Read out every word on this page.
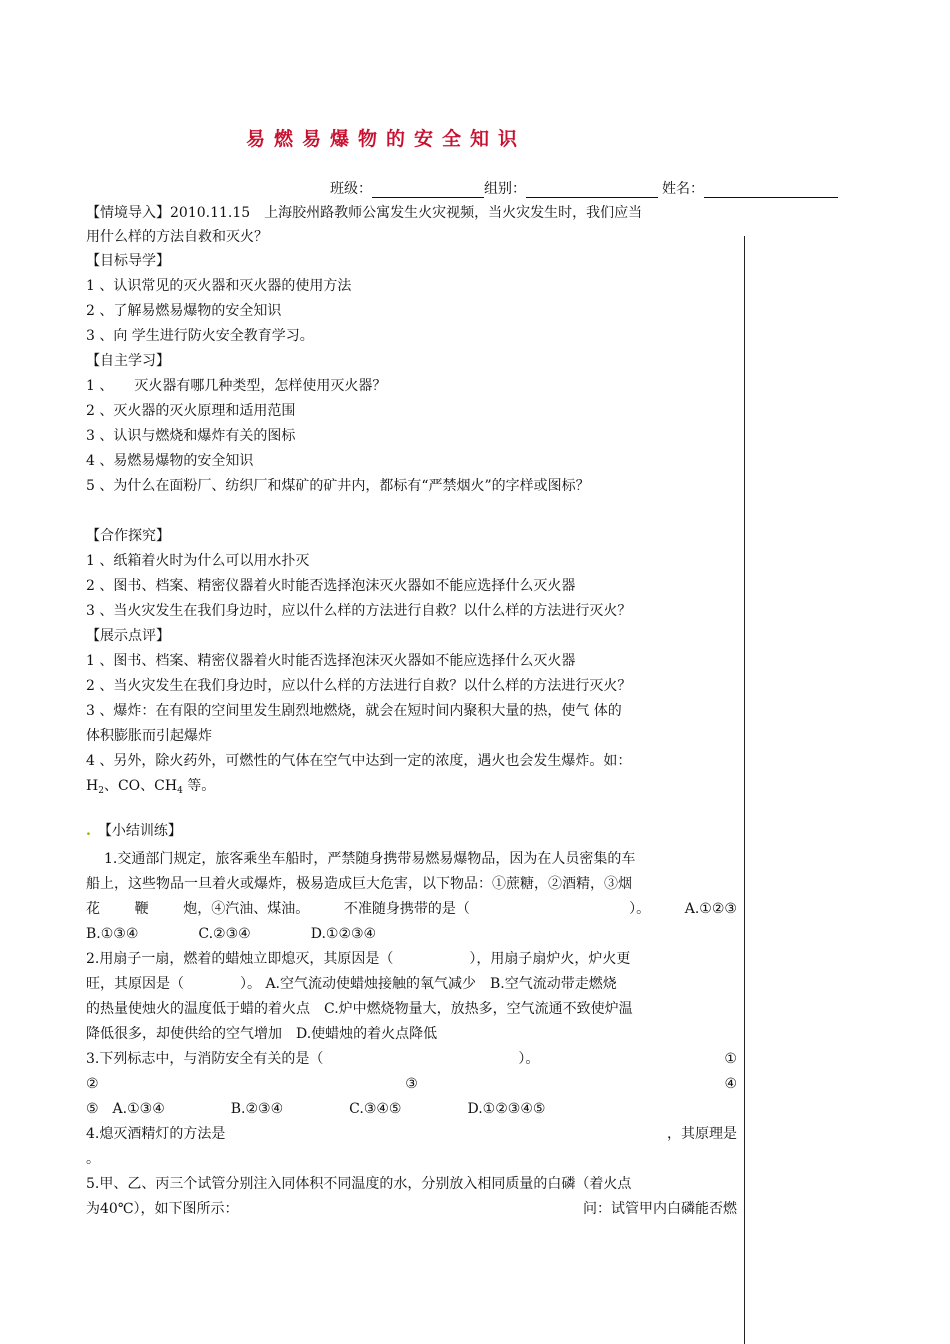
易燃易爆物的安全知识
班级：	组别：	姓名：
【情境导入】2010.11.15　上海胶州路教师公寓发生火灾视频，当火灾发生时，我们应当
用什么样的方法自救和灭火？
【目标导学】
1 、认识常见的灭火器和灭火器的使用方法
2 、了解易燃易爆物的安全知识
3 、向 学生进行防火安全教育学习。
【自主学习】
1 、　　灭火器有哪几种类型，怎样使用灭火器？
2 、灭火器的灭火原理和适用范围
3 、认识与燃烧和爆炸有关的图标
4 、易燃易爆物的安全知识
5 、为什么在面粉厂、纺织厂和煤矿的矿井内，都标有“严禁烟火”的字样或图标？
【合作探究】
1 、纸箱着火时为什么可以用水扑灭
2 、图书、档案、精密仪器着火时能否选择泡沫灭火器如不能应选择什么灭火器
3 、当火灾发生在我们身边时，应以什么样的方法进行自救？以什么样的方法进行灭火？
【展示点评】
1 、图书、档案、精密仪器着火时能否选择泡沫灭火器如不能应选择什么灭火器
2 、当火灾发生在我们身边时，应以什么样的方法进行自救？以什么样的方法进行灭火？
3 、爆炸：在有限的空间里发生剧烈地燃烧，就会在短时间内聚积大量的热，使气 体的
体积膨胀而引起爆炸
4 、另外，除火药外，可燃性的气体在空气中达到一定的浓度，遇火也会发生爆炸。如：
$H_2$、CO、$CH_4$ 等。
.　 【小结训练】
1.交通部门规定，旅客乘坐车船时，严禁随身携带易燃易爆物品，因为在人员密集的车
船上，这些物品一旦着火或爆炸，极易造成巨大危害，以下物品：①蔗糖，②酒精，③烟
花 鞭 炮，④汽油、煤油。 不准随身携带的是（	）。 A.①②③
B.①③④	C.②③④	D.①②③④
2.用扇子一扇，燃着的蜡烛立即熄灭，其原因是（	），用扇子扇炉火，炉火更
旺，其原因是（　　　　）。 A.空气流动使蜡烛接触的氧气减少　B.空气流动带走燃烧
的热量使烛火的温度低于蜡的着火点　C.炉中燃烧物量大，放热多，空气流通不致使炉温
降低很多，却使供给的空气增加　D.使蜡烛的着火点降低
3.下列标志中，与消防安全有关的是（	）。	①
②	③	④
⑤　A.①③④	B.②③④	C.③④⑤	D.①②③④⑤
4.熄灭酒精灯的方法是	，其原理是
。
5.甲、乙、丙三个试管分别注入同体积不同温度的水，分别放入相同质量的白磷（着火点
为40℃），如下图所示：	问：试管甲内白磷能否燃
